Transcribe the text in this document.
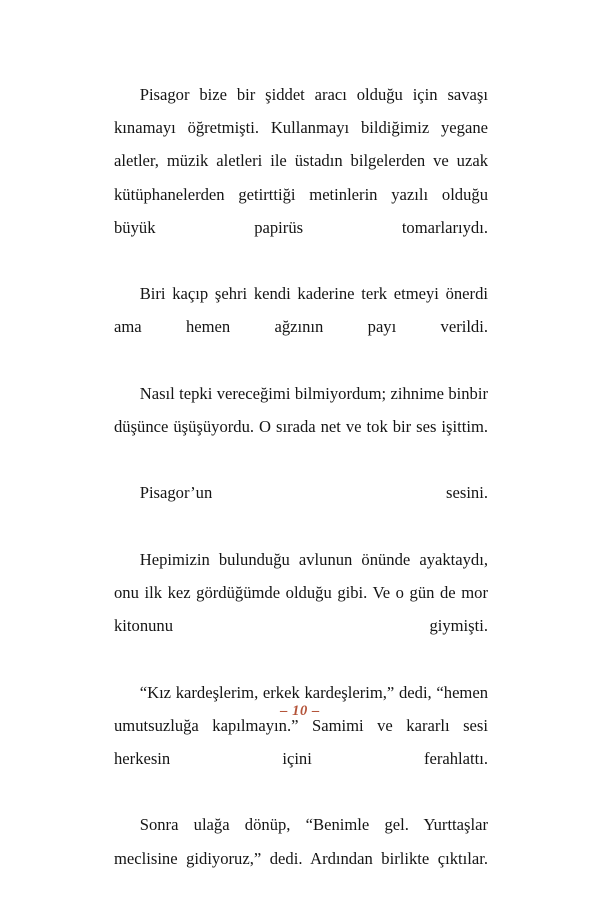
Pisagor bize bir şiddet aracı olduğu için savaşı kınamayı öğretmişti. Kullanmayı bildiğimiz yegane aletler, müzik aletleri ile üstadın bilgelerden ve uzak kütüphanelerden getirttiği metinlerin yazılı olduğu büyük papirüs tomarlarıydı.

Biri kaçıp şehri kendi kaderine terk etmeyi önerdi ama hemen ağzının payı verildi.

Nasıl tepki vereceğimi bilmiyordum; zihnime binbir düşünce üşüşüyordu. O sırada net ve tok bir ses işittim.

Pisagor’un sesini.

Hepimizin bulunduğu avlunun önünde ayaktaydı, onu ilk kez gördüğümde olduğu gibi. Ve o gün de mor kitonunu giymişti.

“Kız kardeşlerim, erkek kardeşlerim,” dedi, “hemen umutsuzluğa kapılmayın.” Samimi ve kararlı sesi herkesin içini ferahlattı.

Sonra ulağa dönüp, “Benimle gel. Yurttaşlar meclisine gidiyoruz,” dedi. Ardından birlikte çıktılar.

– 10 –
